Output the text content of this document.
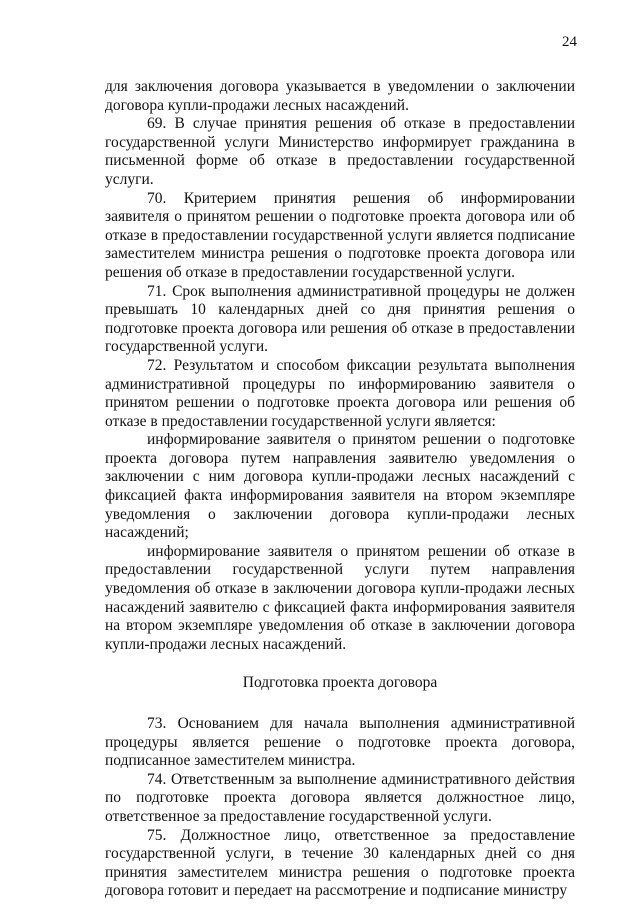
24

для заключения договора указывается в уведомлении о заключении договора купли-продажи лесных насаждений.

69. В случае принятия решения об отказе в предоставлении государственной услуги Министерство информирует гражданина в письменной форме об отказе в предоставлении государственной услуги.

70. Критерием принятия решения об информировании заявителя о принятом решении о подготовке проекта договора или об отказе в предоставлении государственной услуги является подписание заместителем министра решения о подготовке проекта договора или решения об отказе в предоставлении государственной услуги.

71. Срок выполнения административной процедуры не должен превышать 10 календарных дней со дня принятия решения о подготовке проекта договора или решения об отказе в предоставлении государственной услуги.

72. Результатом и способом фиксации результата выполнения административной процедуры по информированию заявителя о принятом решении о подготовке проекта договора или решения об отказе в предоставлении государственной услуги является:

информирование заявителя о принятом решении о подготовке проекта договора путем направления заявителю уведомления о заключении с ним договора купли-продажи лесных насаждений с фиксацией факта информирования заявителя на втором экземпляре уведомления о заключении договора купли-продажи лесных насаждений;

информирование заявителя о принятом решении об отказе в предоставлении государственной услуги путем направления уведомления об отказе в заключении договора купли-продажи лесных насаждений заявителю с фиксацией факта информирования заявителя на втором экземпляре уведомления об отказе в заключении договора купли-продажи лесных насаждений.

Подготовка проекта договора

73. Основанием для начала выполнения административной процедуры является решение о подготовке проекта договора, подписанное заместителем министра.

74. Ответственным за выполнение административного действия по подготовке проекта договора является должностное лицо, ответственное за предоставление государственной услуги.

75. Должностное лицо, ответственное за предоставление государственной услуги, в течение 30 календарных дней со дня принятия заместителем министра решения о подготовке проекта договора готовит и передает на рассмотрение и подписание министру
